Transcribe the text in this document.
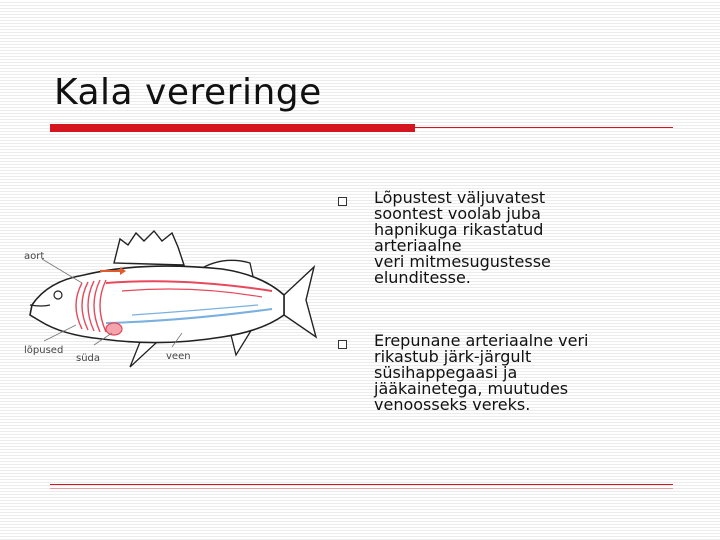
Kala vereringe
Lõpustest väljuvatest
soontest voolab juba
hapnikuga rikastatud
arteriaalne
veri mitmesugustesse
elunditesse.
Erepunane arteriaalne veri
rikastub järk-järgult
süsihappegaasi ja
jääkainetega, muutudes
venoosseks vereks.
aort
lõpused
süda	veen
